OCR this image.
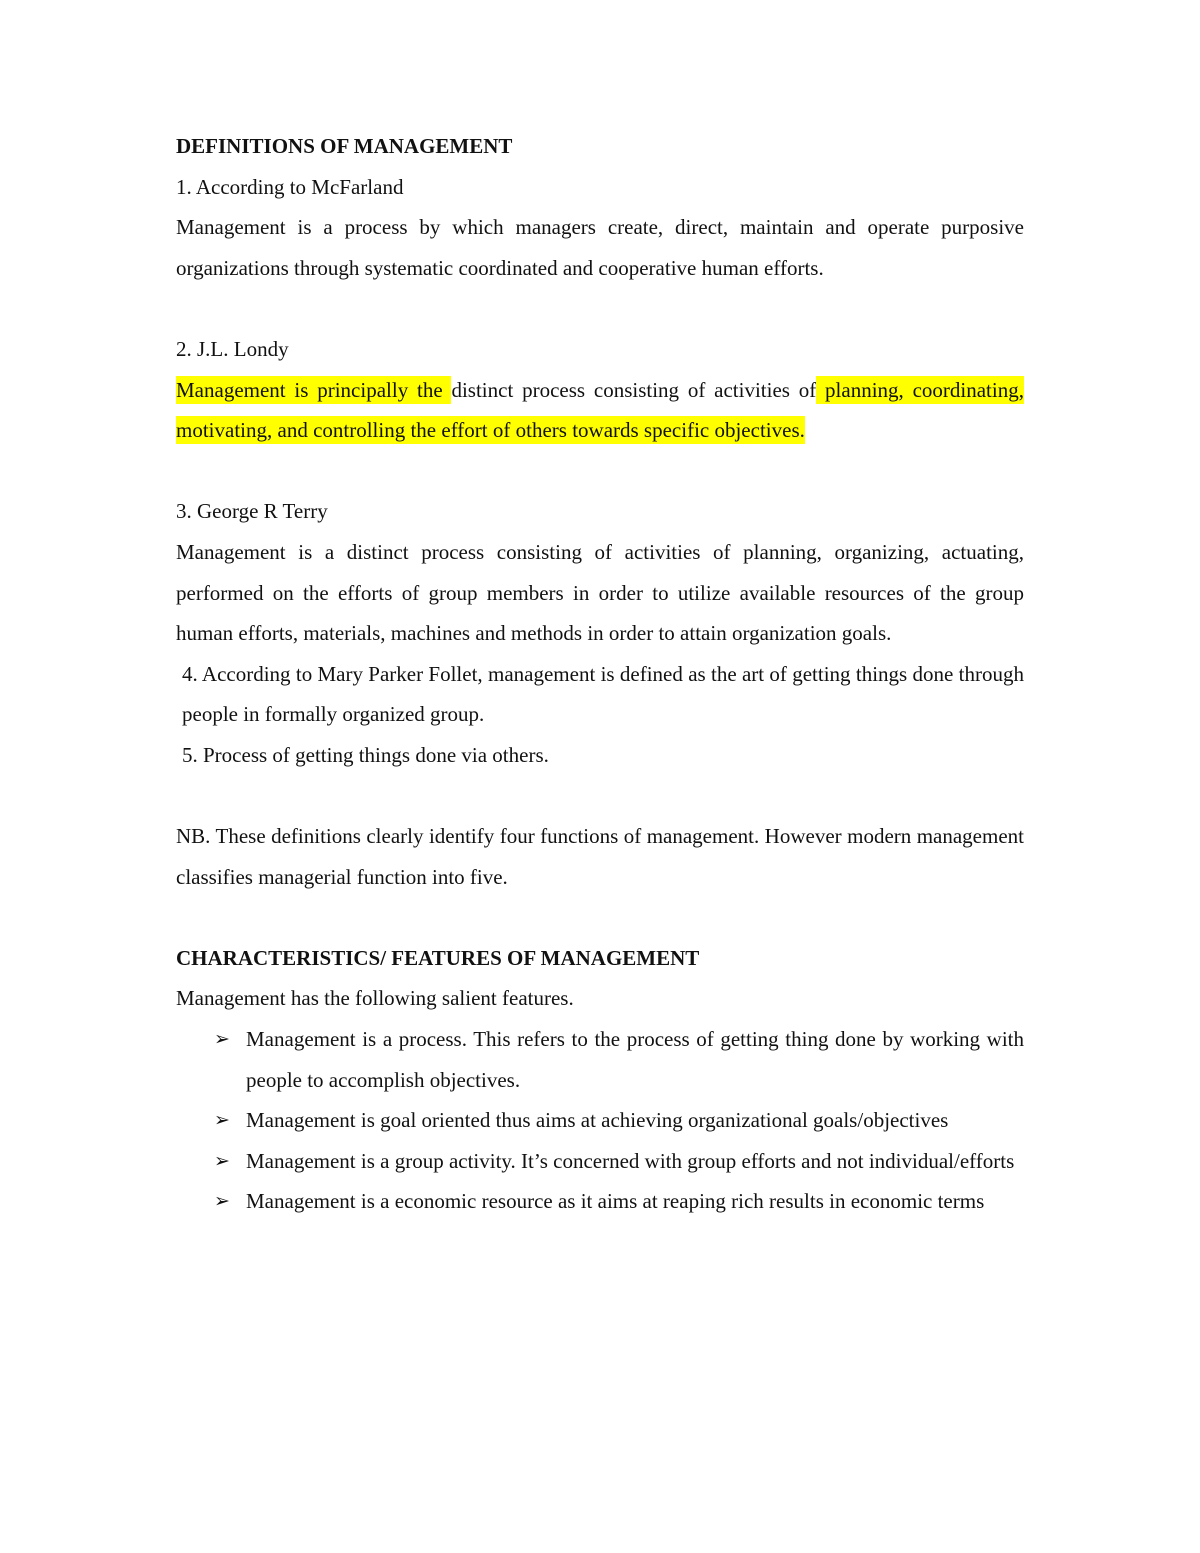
DEFINITIONS OF MANAGEMENT
1. According to McFarland
Management is a process by which managers create, direct, maintain and operate purposive organizations through systematic coordinated and cooperative human efforts.
2. J.L. Londy
Management is principally the distinct process consisting of activities of planning, coordinating, motivating, and controlling the effort of others towards specific objectives.
3. George R Terry
Management is a distinct process consisting of activities of planning, organizing, actuating, performed on the efforts of group members in order to utilize available resources of the group human efforts, materials, machines and methods in order to attain organization goals.
4. According to Mary Parker Follet, management is defined as the art of getting things done through people in formally organized group.
5. Process of getting things done via others.
NB. These definitions clearly identify four functions of management. However modern management classifies managerial function into five.
CHARACTERISTICS/ FEATURES OF MANAGEMENT
Management has the following salient features.
➢ Management is a process. This refers to the process of getting thing done by working with people to accomplish objectives.
➢ Management is goal oriented thus aims at achieving organizational goals/objectives
➢ Management is a group activity. It’s concerned with group efforts and not individual/efforts
➢ Management is a economic resource as it aims at reaping rich results in economic terms
